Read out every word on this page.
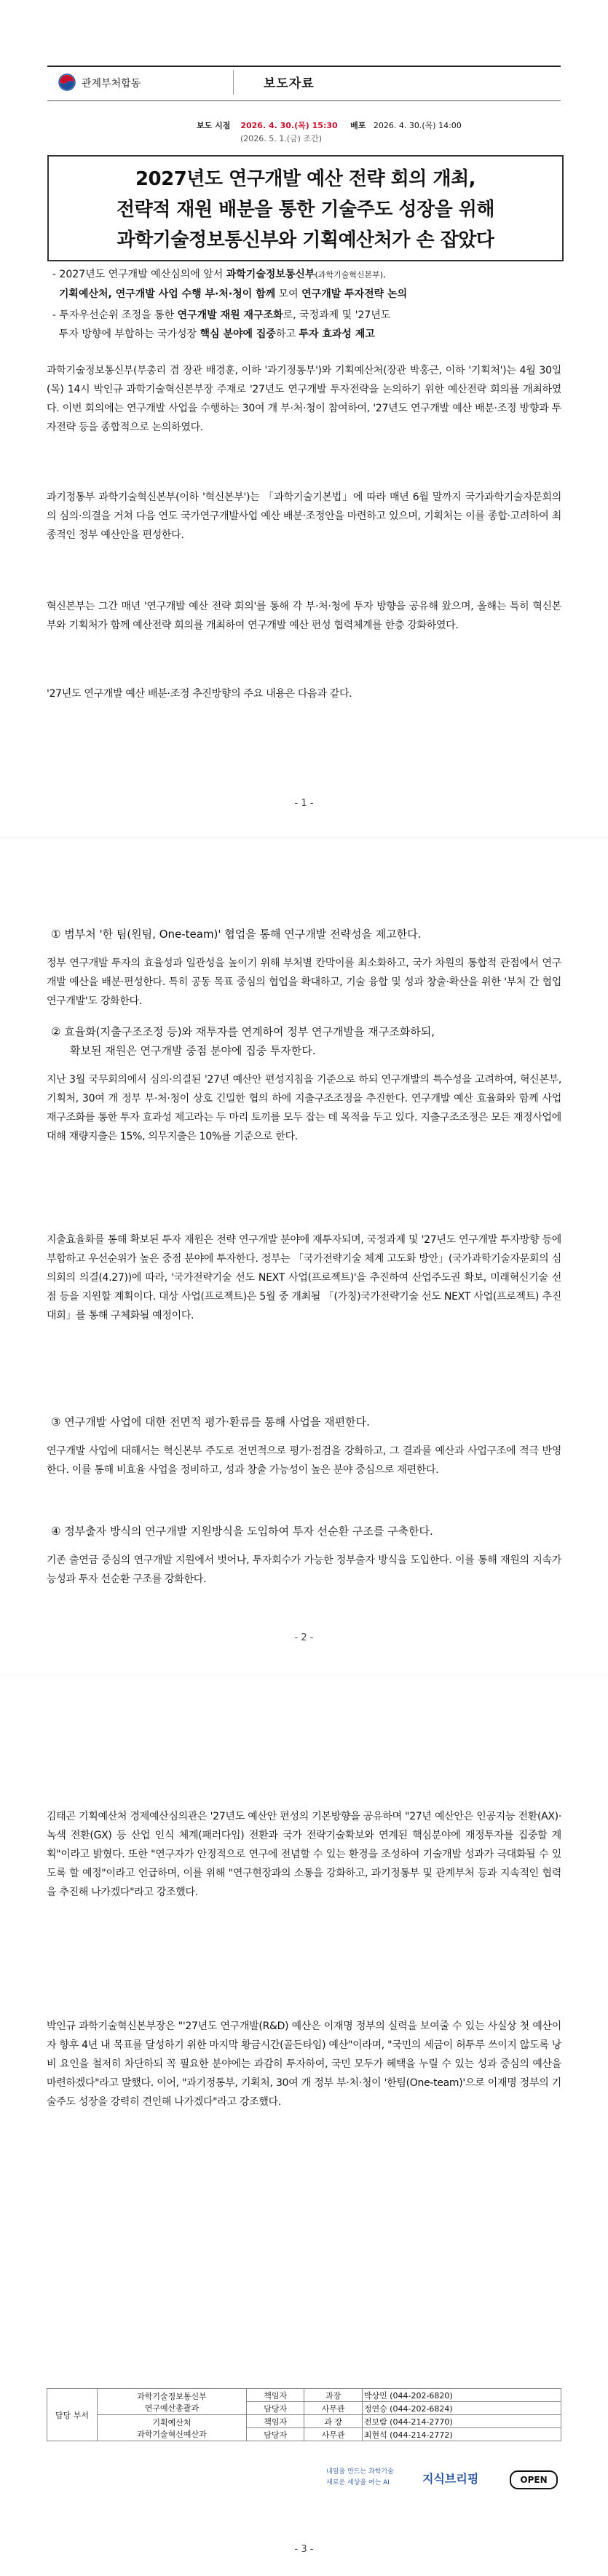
관계부처합동	보도자료
보도 시점 2026. 4. 30.(목) 15:30 배포 2026. 4. 30.(목) 14:00
(2026. 5. 1.(금) 조간)
2027년도 연구개발 예산 전략 회의 개최,
전략적 재원 배분을 통한 기술주도 성장을 위해
과학기술정보통신부와 기획예산처가 손 잡았다
- 2027년도 연구개발 예산심의에 앞서 과학기술정보통신부(과학기술혁신본부),
기획예산처, 연구개발 사업 수행 부·처·청이 함께 모여 연구개발 투자전략 논의
- 투자우선순위 조정을 통한 연구개발 재원 재구조화로, 국정과제 및 '27년도
투자 방향에 부합하는 국가성장 핵심 분야에 집중하고 투자 효과성 제고

과학기술정보통신부(부총리 겸 장관 배경훈, 이하 '과기정통부')와 기획예산처(장관 박홍근, 이하 '기획처')는 4월 30일(목) 14시 박인규 과학기술혁신본부장 주재로 '27년도 연구개발 투자전략을 논의하기 위한 예산전략 회의를 개최하였다. 이번 회의에는 연구개발 사업을 수행하는 30여 개 부·처·청이 참여하여, '27년도 연구개발 예산 배분·조정 방향과 투자전략 등을 종합적으로 논의하였다.

과기정통부 과학기술혁신본부(이하 '혁신본부')는 「과학기술기본법」에 따라 매년 6월 말까지 국가과학기술자문회의의 심의·의결을 거쳐 다음 연도 국가연구개발사업 예산 배분·조정안을 마련하고 있으며, 기획처는 이를 종합·고려하여 최종적인 정부 예산안을 편성한다.

혁신본부는 그간 매년 '연구개발 예산 전략 회의'를 통해 각 부·처·청에 투자 방향을 공유해 왔으며, 올해는 특히 혁신본부와 기획처가 함께 예산전략 회의를 개최하여 연구개발 예산 편성 협력체계를 한층 강화하였다.

'27년도 연구개발 예산 배분·조정 추진방향의 주요 내용은 다음과 같다.

- 1 -
① 범부처 '한 팀(원팀, One-team)' 협업을 통해 연구개발 전략성을 제고한다.

정부 연구개발 투자의 효율성과 일관성을 높이기 위해 부처별 칸막이를 최소화하고, 국가 차원의 통합적 관점에서 연구개발 예산을 배분·편성한다. 특히 공동 목표 중심의 협업을 확대하고, 기술 융합 및 성과 창출·확산을 위한 '부처 간 협업 연구개발'도 강화한다.

② 효율화(지출구조조정 등)와 재투자를 연계하여 정부 연구개발을 재구조화하되,
확보된 재원은 연구개발 중점 분야에 집중 투자한다.

지난 3월 국무회의에서 심의·의결된 '27년 예산안 편성지침을 기준으로 하되 연구개발의 특수성을 고려하여, 혁신본부, 기획처, 30여 개 정부 부·처·청이 상호 긴밀한 협의 하에 지출구조조정을 추진한다. 연구개발 예산 효율화와 함께 사업 재구조화를 통한 투자 효과성 제고라는 두 마리 토끼를 모두 잡는 데 목적을 두고 있다. 지출구조조정은 모든 재정사업에 대해 재량지출은 15%, 의무지출은 10%를 기준으로 한다.

지출효율화를 통해 확보된 투자 재원은 전략 연구개발 분야에 재투자되며, 국정과제 및 '27년도 연구개발 투자방향 등에 부합하고 우선순위가 높은 중점 분야에 투자한다. 정부는 「국가전략기술 체계 고도화 방안」(국가과학기술자문회의 심의회의 의결(4.27))에 따라, '국가전략기술 선도 NEXT 사업(프로젝트)'을 추진하여 산업주도권 확보, 미래혁신기술 선점 등을 지원할 계획이다. 대상 사업(프로젝트)은 5월 중 개최될 「(가칭)국가전략기술 선도 NEXT 사업(프로젝트) 추진대회」를 통해 구체화될 예정이다.

③ 연구개발 사업에 대한 전면적 평가·환류를 통해 사업을 재편한다.

연구개발 사업에 대해서는 혁신본부 주도로 전면적으로 평가·점검을 강화하고, 그 결과를 예산과 사업구조에 적극 반영한다. 이를 통해 비효율 사업을 정비하고, 성과 창출 가능성이 높은 분야 중심으로 재편한다.

④ 정부출자 방식의 연구개발 지원방식을 도입하여 투자 선순환 구조를 구축한다.

기존 출연금 중심의 연구개발 지원에서 벗어나, 투자회수가 가능한 정부출자 방식을 도입한다. 이를 통해 재원의 지속가능성과 투자 선순환 구조를 강화한다.

- 2 -

김태곤 기획예산처 경제예산심의관은 '27년도 예산안 편성의 기본방향을 공유하며 "27년 예산안은 인공지능 전환(AX)·녹색 전환(GX) 등 산업 인식 체계(패러다임) 전환과 국가 전략기술확보와 연계된 핵심분야에 재정투자를 집중할 계획"이라고 밝혔다. 또한 "연구자가 안정적으로 연구에 전념할 수 있는 환경을 조성하여 기술개발 성과가 극대화될 수 있도록 할 예정"이라고 언급하며, 이를 위해 "연구현장과의 소통을 강화하고, 과기정통부 및 관계부처 등과 지속적인 협력을 추진해 나가겠다"라고 강조했다.

박인규 과학기술혁신본부장은 "'27년도 연구개발(R&D) 예산은 이재명 정부의 실력을 보여줄 수 있는 사실상 첫 예산이자 향후 4년 내 목표를 달성하기 위한 마지막 황금시간(골든타임) 예산"이라며, "국민의 세금이 허투루 쓰이지 않도록 낭비 요인을 철저히 차단하되 꼭 필요한 분야에는 과감히 투자하여, 국민 모두가 혜택을 누릴 수 있는 성과 중심의 예산을 마련하겠다"라고 말했다. 이어, "과기정통부, 기획처, 30여 개 정부 부·처·청이 '한팀(One-team)'으로 이재명 정부의 기술주도 성장을 강력히 견인해 나가겠다"라고 강조했다.

담당 부서	과학기술정보통신부
연구예산총괄과	책임자	과장	박상민 (044-202-6820)
		담당자	사무관	정연승 (044-202-6824)

	기획예산처
과학기술혁신예산과	책임자	과 장	전보람 (044-214-2770)
		담당자	사무관	최현석 (044-214-2772)
내일을 만드는 과학기술
새로운 세상을 여는 AI	지식브리핑	OPEN
- 3 -
